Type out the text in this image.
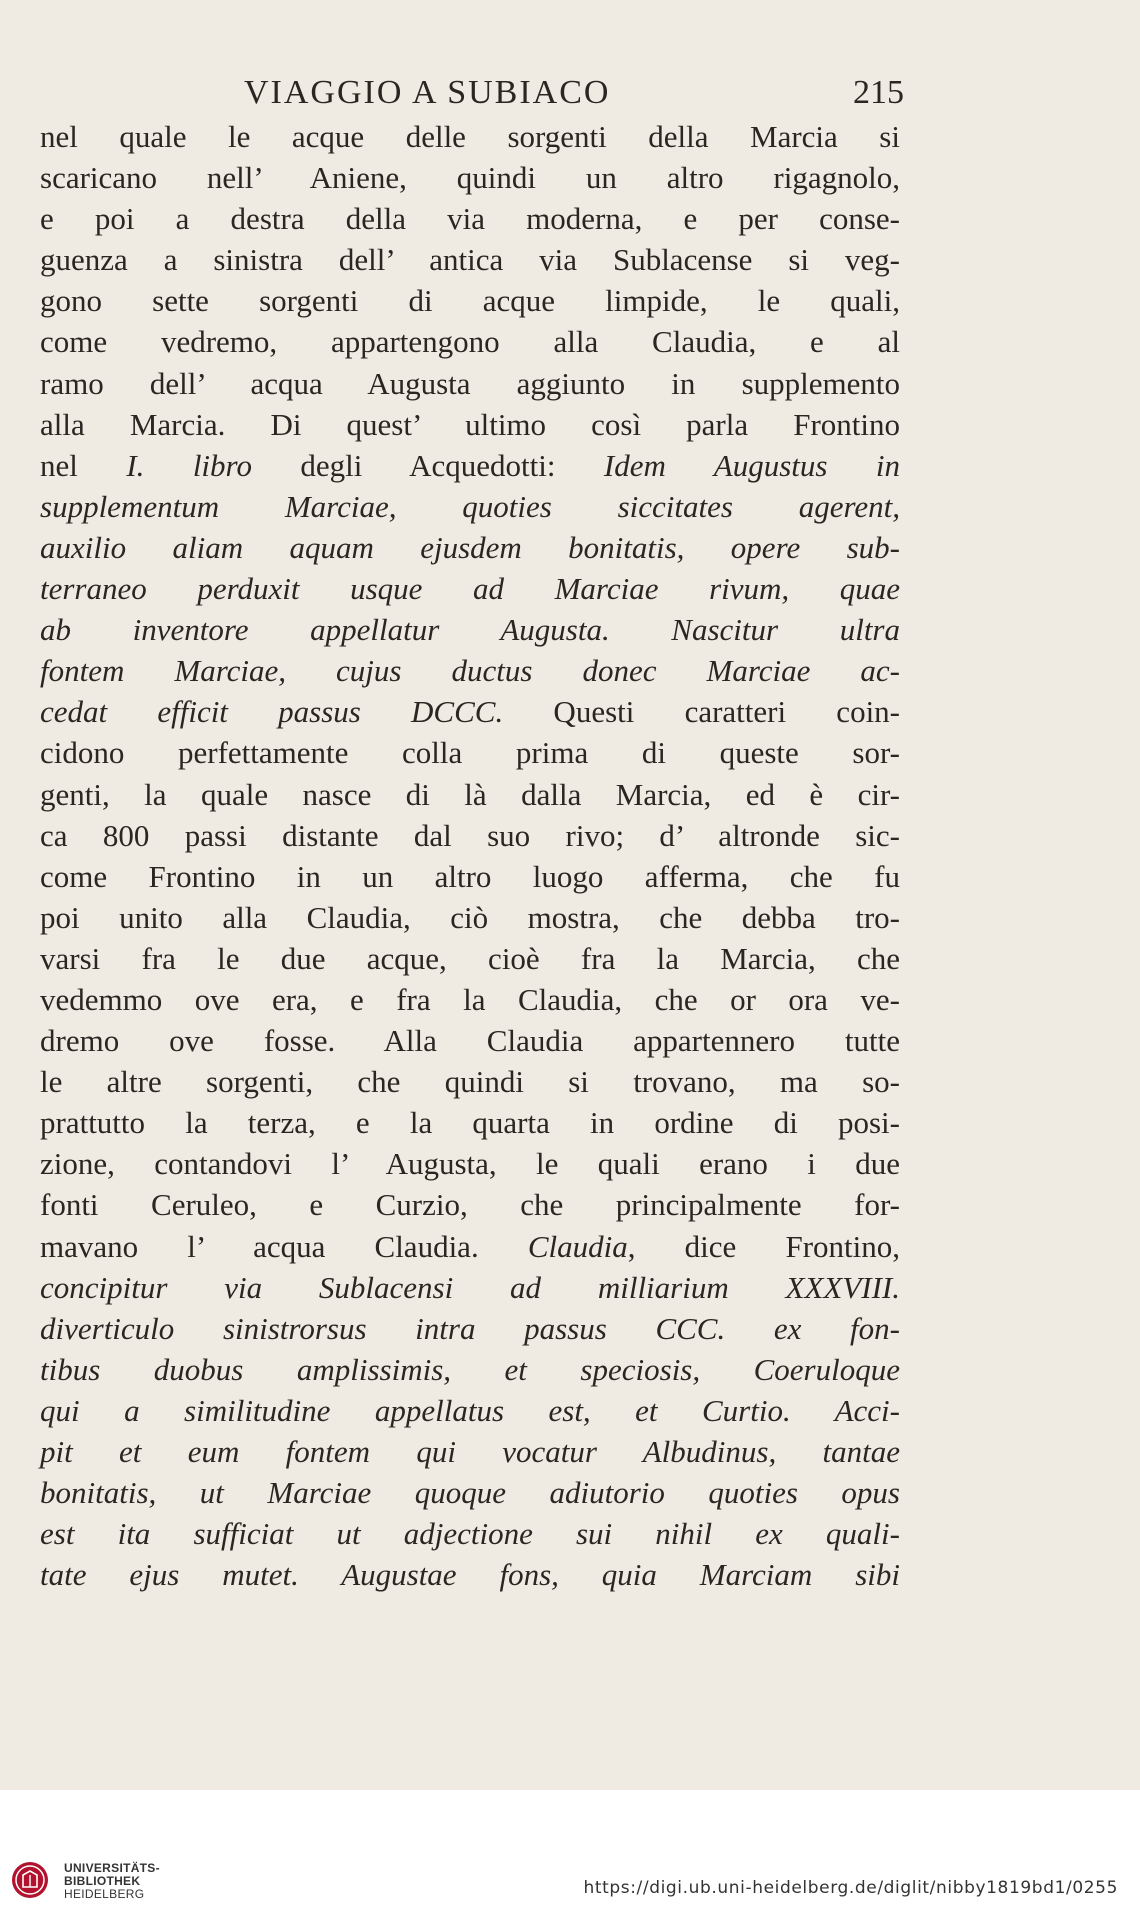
VIAGGIO A SUBIACO	215
nel quale le acque delle sorgenti della Marcia si
scaricano nell’ Aniene, quindi un altro rigagnolo,
e poi a destra della via moderna, e per conse-
guenza a sinistra dell’ antica via Sublacense si veg-
gono sette sorgenti di acque limpide, le quali,
come vedremo, appartengono alla Claudia, e al
ramo dell’ acqua Augusta aggiunto in supplemento
alla Marcia. Di quest’ ultimo così parla Frontino
nel I. libro degli Acquedotti: Idem Augustus in
supplementum Marciae, quoties siccitates agerent,
auxilio aliam aquam ejusdem bonitatis, opere sub-
terraneo perduxit usque ad Marciae rivum, quae
ab inventore appellatur Augusta. Nascitur ultra
fontem Marciae, cujus ductus donec Marciae ac-
cedat efficit passus DCCC. Questi caratteri coin-
cidono perfettamente colla prima di queste sor-
genti, la quale nasce di là dalla Marcia, ed è cir-
ca 800 passi distante dal suo rivo; d’ altronde sic-
come Frontino in un altro luogo afferma, che fu
poi unito alla Claudia, ciò mostra, che debba tro-
varsi fra le due acque, cioè fra la Marcia, che
vedemmo ove era, e fra la Claudia, che or ora ve-
dremo ove fosse. Alla Claudia appartennero tutte
le altre sorgenti, che quindi si trovano, ma so-
prattutto la terza, e la quarta in ordine di posi-
zione, contandovi l’ Augusta, le quali erano i due
fonti Ceruleo, e Curzio, che principalmente for-
mavano l’ acqua Claudia. Claudia, dice Frontino,
concipitur via Sublacensi ad milliarium XXXVIII.
diverticulo sinistrorsus intra passus CCC. ex fon-
tibus duobus amplissimis, et speciosis, Coeruloque
qui a similitudine appellatus est, et Curtio. Acci-
pit et eum fontem qui vocatur Albudinus, tantae
bonitatis, ut Marciae quoque adiutorio quoties opus
est ita sufficiat ut adjectione sui nihil ex quali-
tate ejus mutet. Augustae fons, quia Marciam sibi
UNIVERSITÄTS-
BIBLIOTHEK
HEIDELBERG	https://digi.ub.uni-heidelberg.de/diglit/nibby1819bd1/0255
